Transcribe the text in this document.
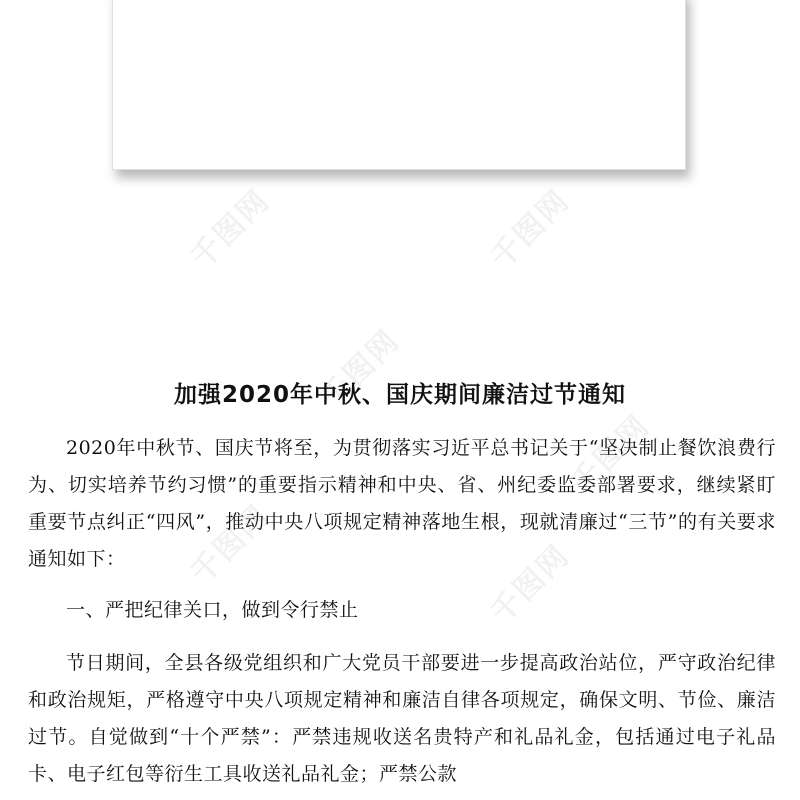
千图网	千图网
千图网
千图网
千图网	千图网
加强2020年中秋、国庆期间廉洁过节通知

2020年中秋节、国庆节将至，为贯彻落实习近平总书记关于“坚决制止餐饮浪费行为、切实培养节约习惯”的重要指示精神和中央、省、州纪委监委部署要求，继续紧盯重要节点纠正“四风”，推动中央八项规定精神落地生根，现就清廉过“三节”的有关要求通知如下：

一、严把纪律关口，做到令行禁止

节日期间，全县各级党组织和广大党员干部要进一步提高政治站位，严守政治纪律和政治规矩，严格遵守中央八项规定精神和廉洁自律各项规定，确保文明、节俭、廉洁过节。自觉做到“十个严禁”：严禁违规收送名贵特产和礼品礼金，包括通过电子礼品卡、电子红包等衍生工具收送礼品礼金；严禁公款
